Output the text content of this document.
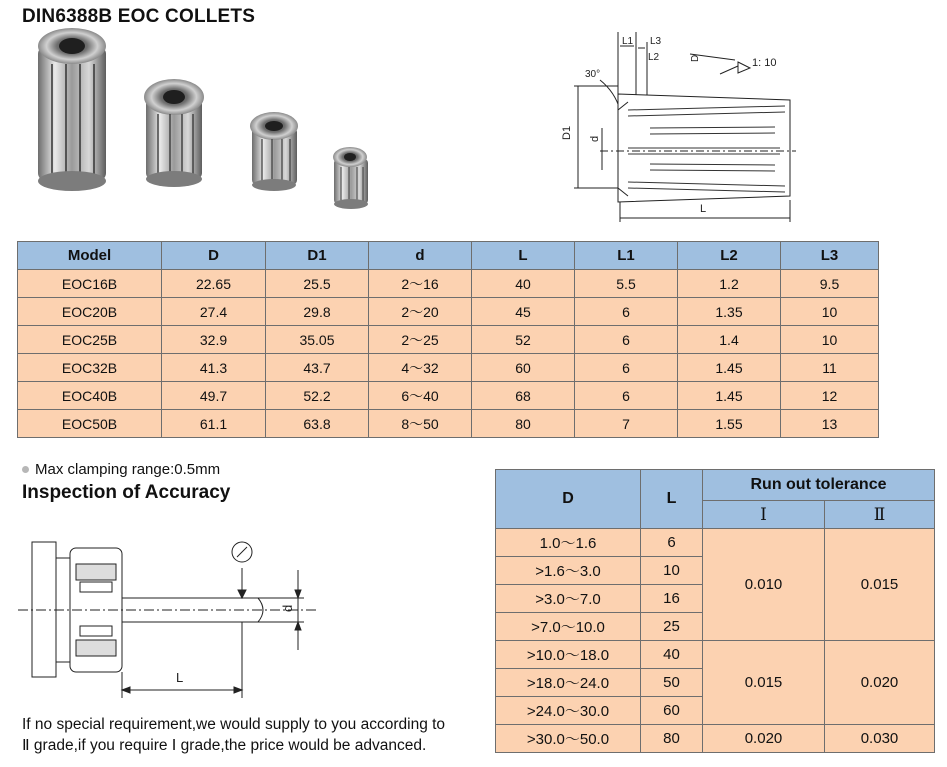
DIN6388B EOC COLLETS
L1 L3
L2	D	1: 10
30°
D1 d
L
Model	D	D1	d	L	L1	L2	L3
EOC16B	22.65	25.5	2～16	40	5.5	1.2	9.5
EOC20B	27.4	29.8	2～20	45	6	1.35	10
EOC25B	32.9	35.05	2～25	52	6	1.4	10
EOC32B	41.3	43.7	4～32	60	6	1.45	11
EOC40B	49.7	52.2	6～40	68	6	1.45	12
EOC50B	61.1	63.8	8～50	80	7	1.55	13
Max clamping range:0.5mm
Inspection of Accuracy
d
L
If no special requirement,we would supply to you according to
Ⅱ grade,if you require Ⅰ grade,the price would be advanced.
D	L	Run out tolerance	
		Ⅰ	Ⅱ
1.0～1.6	6	0.010	0.015
>1.6～3.0	10		
>3.0～7.0	16		
>7.0～10.0	25		
>10.0～18.0	40	0.015	0.020
>18.0～24.0	50		
>24.0～30.0	60		
>30.0～50.0	80	0.020	0.030
